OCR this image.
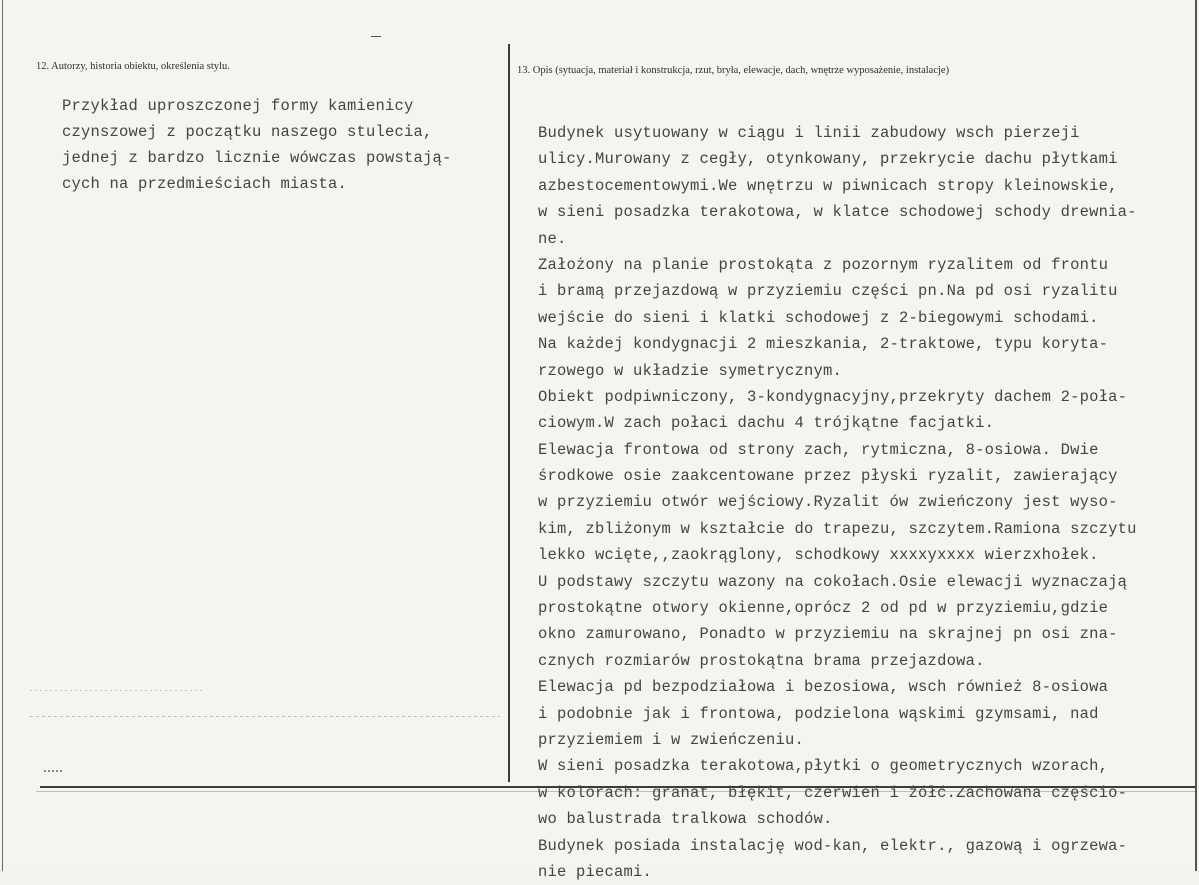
12. Autorzy, historia obiektu, określenia stylu.
Przykład uproszczonej formy kamienicy
czynszowej z początku naszego stulecia,
jednej z bardzo licznie wówczas powstają-
cych na przedmieściach miasta.
13. Opis (sytuacja, materiał i konstrukcja, rzut, bryła, elewacje, dach, wnętrze wyposażenie, instalacje)
Budynek usytuowany w ciągu i linii zabudowy wsch pierzeji
ulicy.Murowany z cegły, otynkowany, przekrycie dachu płytkami
azbestocementowymi.We wnętrzu w piwnicach stropy kleinowskie,
w sieni posadzka terakotowa, w klatce schodowej schody drewnia-
ne.
Założony na planie prostokąta z pozornym ryzalitem od frontu
i bramą przejazdową w przyziemiu części pn.Na pd osi ryzalitu
wejście do sieni i klatki schodowej z 2-biegowymi schodami.
Na każdej kondygnacji 2 mieszkania, 2-traktowe, typu koryta-
rzowego w układzie symetrycznym.
Obiekt podpiwniczony, 3-kondygnacyjny,przekryty dachem 2-poła-
ciowym.W zach połaci dachu 4 trójkątne facjatki.
Elewacja frontowa od strony zach, rytmiczna, 8-osiowa. Dwie
środkowe osie zaakcentowane przez płyski ryzalit, zawierający
w przyziemiu otwór wejściowy.Ryzalit ów zwieńczony jest wyso-
kim, zbliżonym w kształcie do trapezu, szczytem.Ramiona szczytu
lekko wcięte,,zaokrąglony, schodkowy xxxxyxxxx wierzxhołek.
U podstawy szczytu wazony na cokołach.Osie elewacji wyznaczają
prostokątne otwory okienne,oprócz 2 od pd w przyziemiu,gdzie
okno zamurowano, Ponadto w przyziemiu na skrajnej pn osi zna-
cznych rozmiarów prostokątna brama przejazdowa.
Elewacja pd bezpodziałowa i bezosiowa, wsch również 8-osiowa
i podobnie jak i frontowa, podzielona wąskimi gzymsami, nad
przyziemiem i w zwieńczeniu.
W sieni posadzka terakotowa,płytki o geometrycznych wzorach,
w kolorach: granat, błękit, czerwień i żółć.Zachowana częścio-
wo balustrada tralkowa schodów.
Budynek posiada instalację wod-kan, elektr., gazową i ogrzewa-
nie piecami.
